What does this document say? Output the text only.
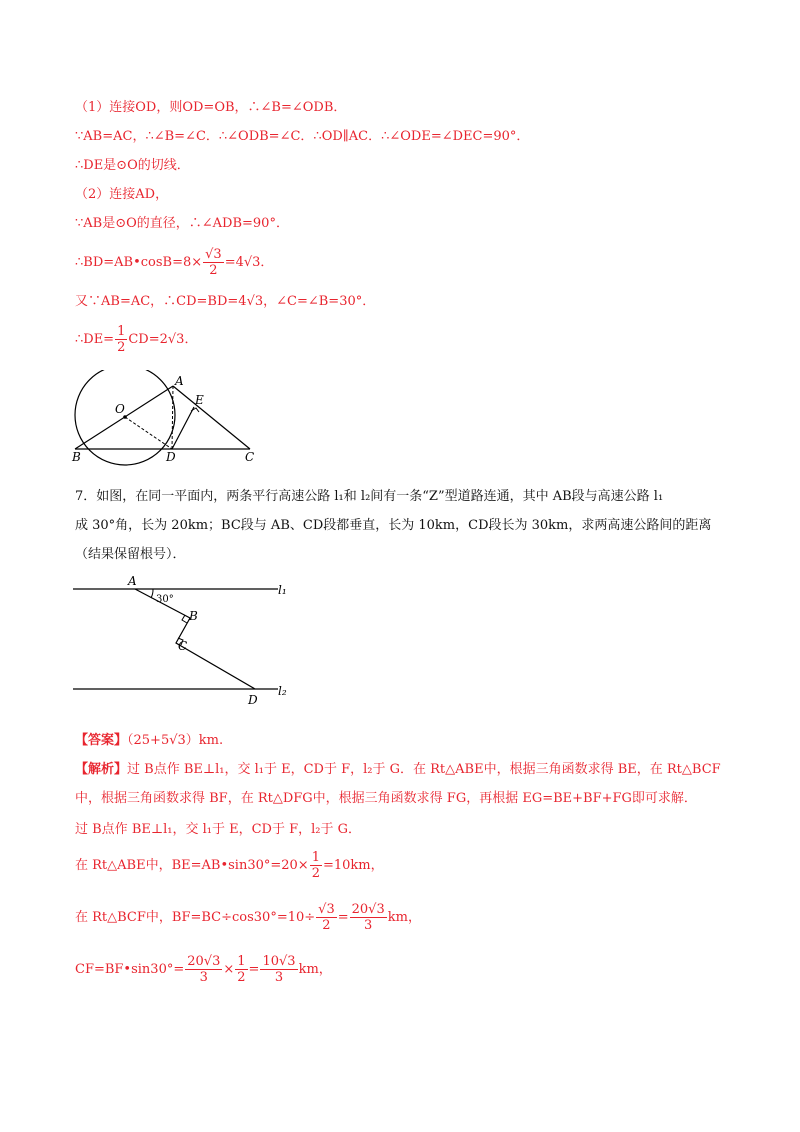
（1）连接OD，则OD=OB，∴∠B=∠ODB．
∵AB=AC，∴∠B=∠C．∴∠ODB=∠C．∴OD∥AC．∴∠ODE=∠DEC=90°．
∴DE是⊙O的切线．
（2）连接AD，
∵AB是⊙O的直径，∴∠ADB=90°．
∴BD=AB•cosB=8× $\frac{√3}{2} =4√3$．
又∵AB=AC，∴CD=BD=4√3，∠C=∠B=30°．
∴DE= $\frac{1}{2} CD=2√3$．
A
O
E
B	D	C
7．如图，在同一平面内，两条平行高速公路 l₁和 l₂间有一条“Z”型道路连通，其中 AB段与高速公路 l₁
成 30°角，长为 20km；BC段与 AB、CD段都垂直，长为 10km，CD段长为 30km，求两高速公路间的距离
（结果保留根号）．
A
30°
B
C
D
l₁
l₂
【答案】（25+5√3）km.
【解析】过 B点作 BE⊥l₁，交 l₁于 E，CD于 F，l₂于 G．在 Rt△ABE中，根据三角函数求得 BE，在 Rt△BCF
中，根据三角函数求得 BF，在 Rt△DFG中，根据三角函数求得 FG，再根据 EG=BE+BF+FG即可求解．
过 B点作 BE⊥l₁，交 l₁于 E，CD于 F，l₂于 G．
在 Rt△ABE中，BE=AB•sin30°=20× $\frac{1}{2} =10km$，
在 Rt△BCF中，$BF=BC\div\cos 30^\circ=10\div \frac{√3}{2} = \frac{20√3}{3}$ km，
CF=BF•sin30°= $\frac{20√3}{3} \times \frac{1}{2} = \frac{10√3}{3}$ km，
